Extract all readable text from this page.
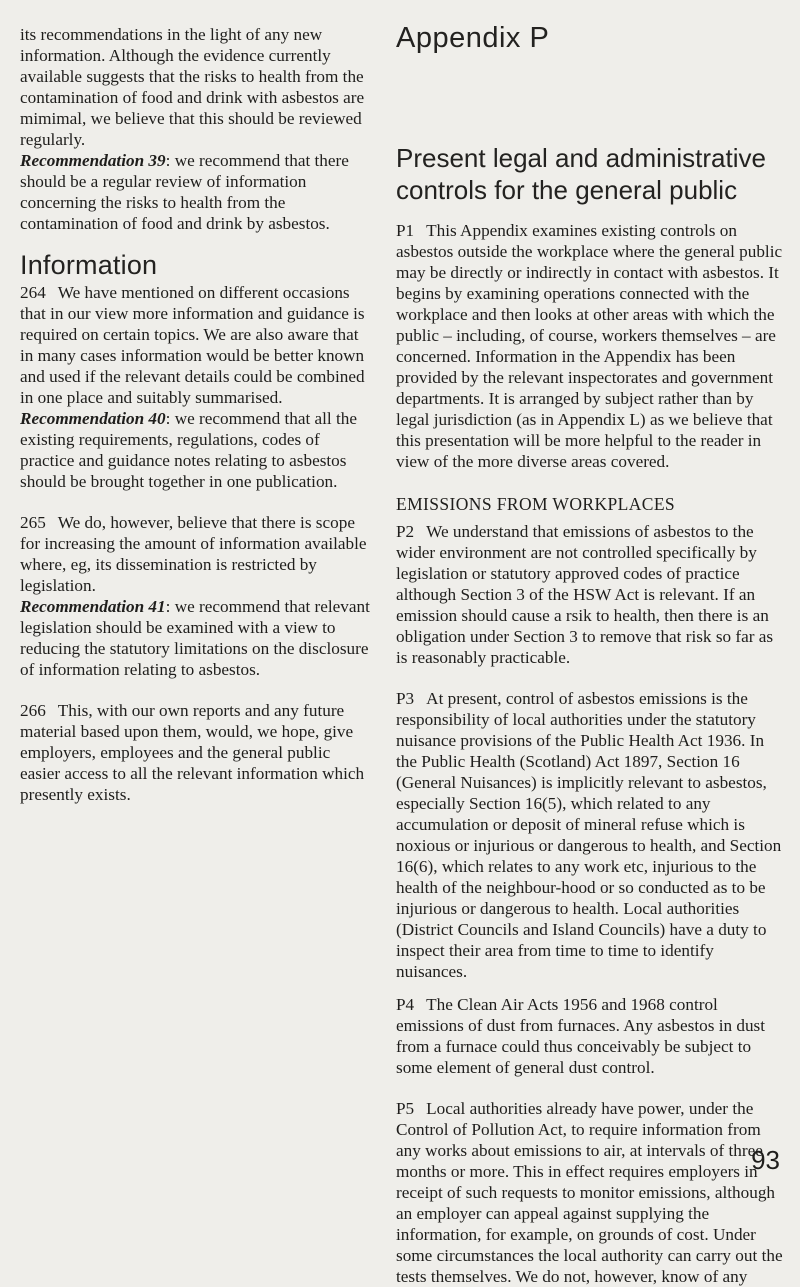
its recommendations in the light of any new information. Although the evidence currently available suggests that the risks to health from the contamination of food and drink with asbestos are mimimal, we believe that this should be reviewed regularly.

Recommendation 39: we recommend that there should be a regular review of information concerning the risks to health from the contamination of food and drink by asbestos.

Information

264 We have mentioned on different occasions that in our view more information and guidance is required on certain topics. We are also aware that in many cases information would be better known and used if the relevant details could be combined in one place and suitably summarised.

Recommendation 40: we recommend that all the existing requirements, regulations, codes of practice and guidance notes relating to asbestos should be brought together in one publication.

265 We do, however, believe that there is scope for increasing the amount of information available where, eg, its dissemination is restricted by legislation.

Recommendation 41: we recommend that relevant legislation should be examined with a view to reducing the statutory limitations on the disclosure of information relating to asbestos.

266 This, with our own reports and any future material based upon them, would, we hope, give employers, employees and the general public easier access to all the relevant information which presently exists.

Appendix P
Present legal and administrative controls for the general public

P1 This Appendix examines existing controls on asbestos outside the workplace where the general public may be directly or indirectly in contact with asbestos. It begins by examining operations connected with the workplace and then looks at other areas with which the public – including, of course, workers themselves – are concerned. Information in the Appendix has been provided by the relevant inspectorates and government departments. It is arranged by subject rather than by legal jurisdiction (as in Appendix L) as we believe that this presentation will be more helpful to the reader in view of the more diverse areas covered.

EMISSIONS FROM WORKPLACES

P2 We understand that emissions of asbestos to the wider environment are not controlled specifically by legislation or statutory approved codes of practice although Section 3 of the HSW Act is relevant. If an emission should cause a rsik to health, then there is an obligation under Section 3 to remove that risk so far as is reasonably practicable.

P3 At present, control of asbestos emissions is the responsibility of local authorities under the statutory nuisance provisions of the Public Health Act 1936. In the Public Health (Scotland) Act 1897, Section 16 (General Nuisances) is implicitly relevant to asbestos, especially Section 16(5), which related to any accumulation or deposit of mineral refuse which is noxious or injurious or dangerous to health, and Section 16(6), which relates to any work etc, injurious to the health of the neighbour-hood or so conducted as to be injurious or dangerous to health. Local authorities (District Councils and Island Councils) have a duty to inspect their area from time to time to identify nuisances.

P4 The Clean Air Acts 1956 and 1968 control emissions of dust from furnaces. Any asbestos in dust from a furnace could thus conceivably be subject to some element of general dust control.

P5 Local authorities already have power, under the Control of Pollution Act, to require information from any works about emissions to air, at intervals of three months or more. This in effect requires employers in receipt of such requests to monitor emissions, although an employer can appeal against supplying the information, for example, on grounds of cost. Under some circumstances the local authority can carry out the tests themselves. We do not, however, know of any

93
